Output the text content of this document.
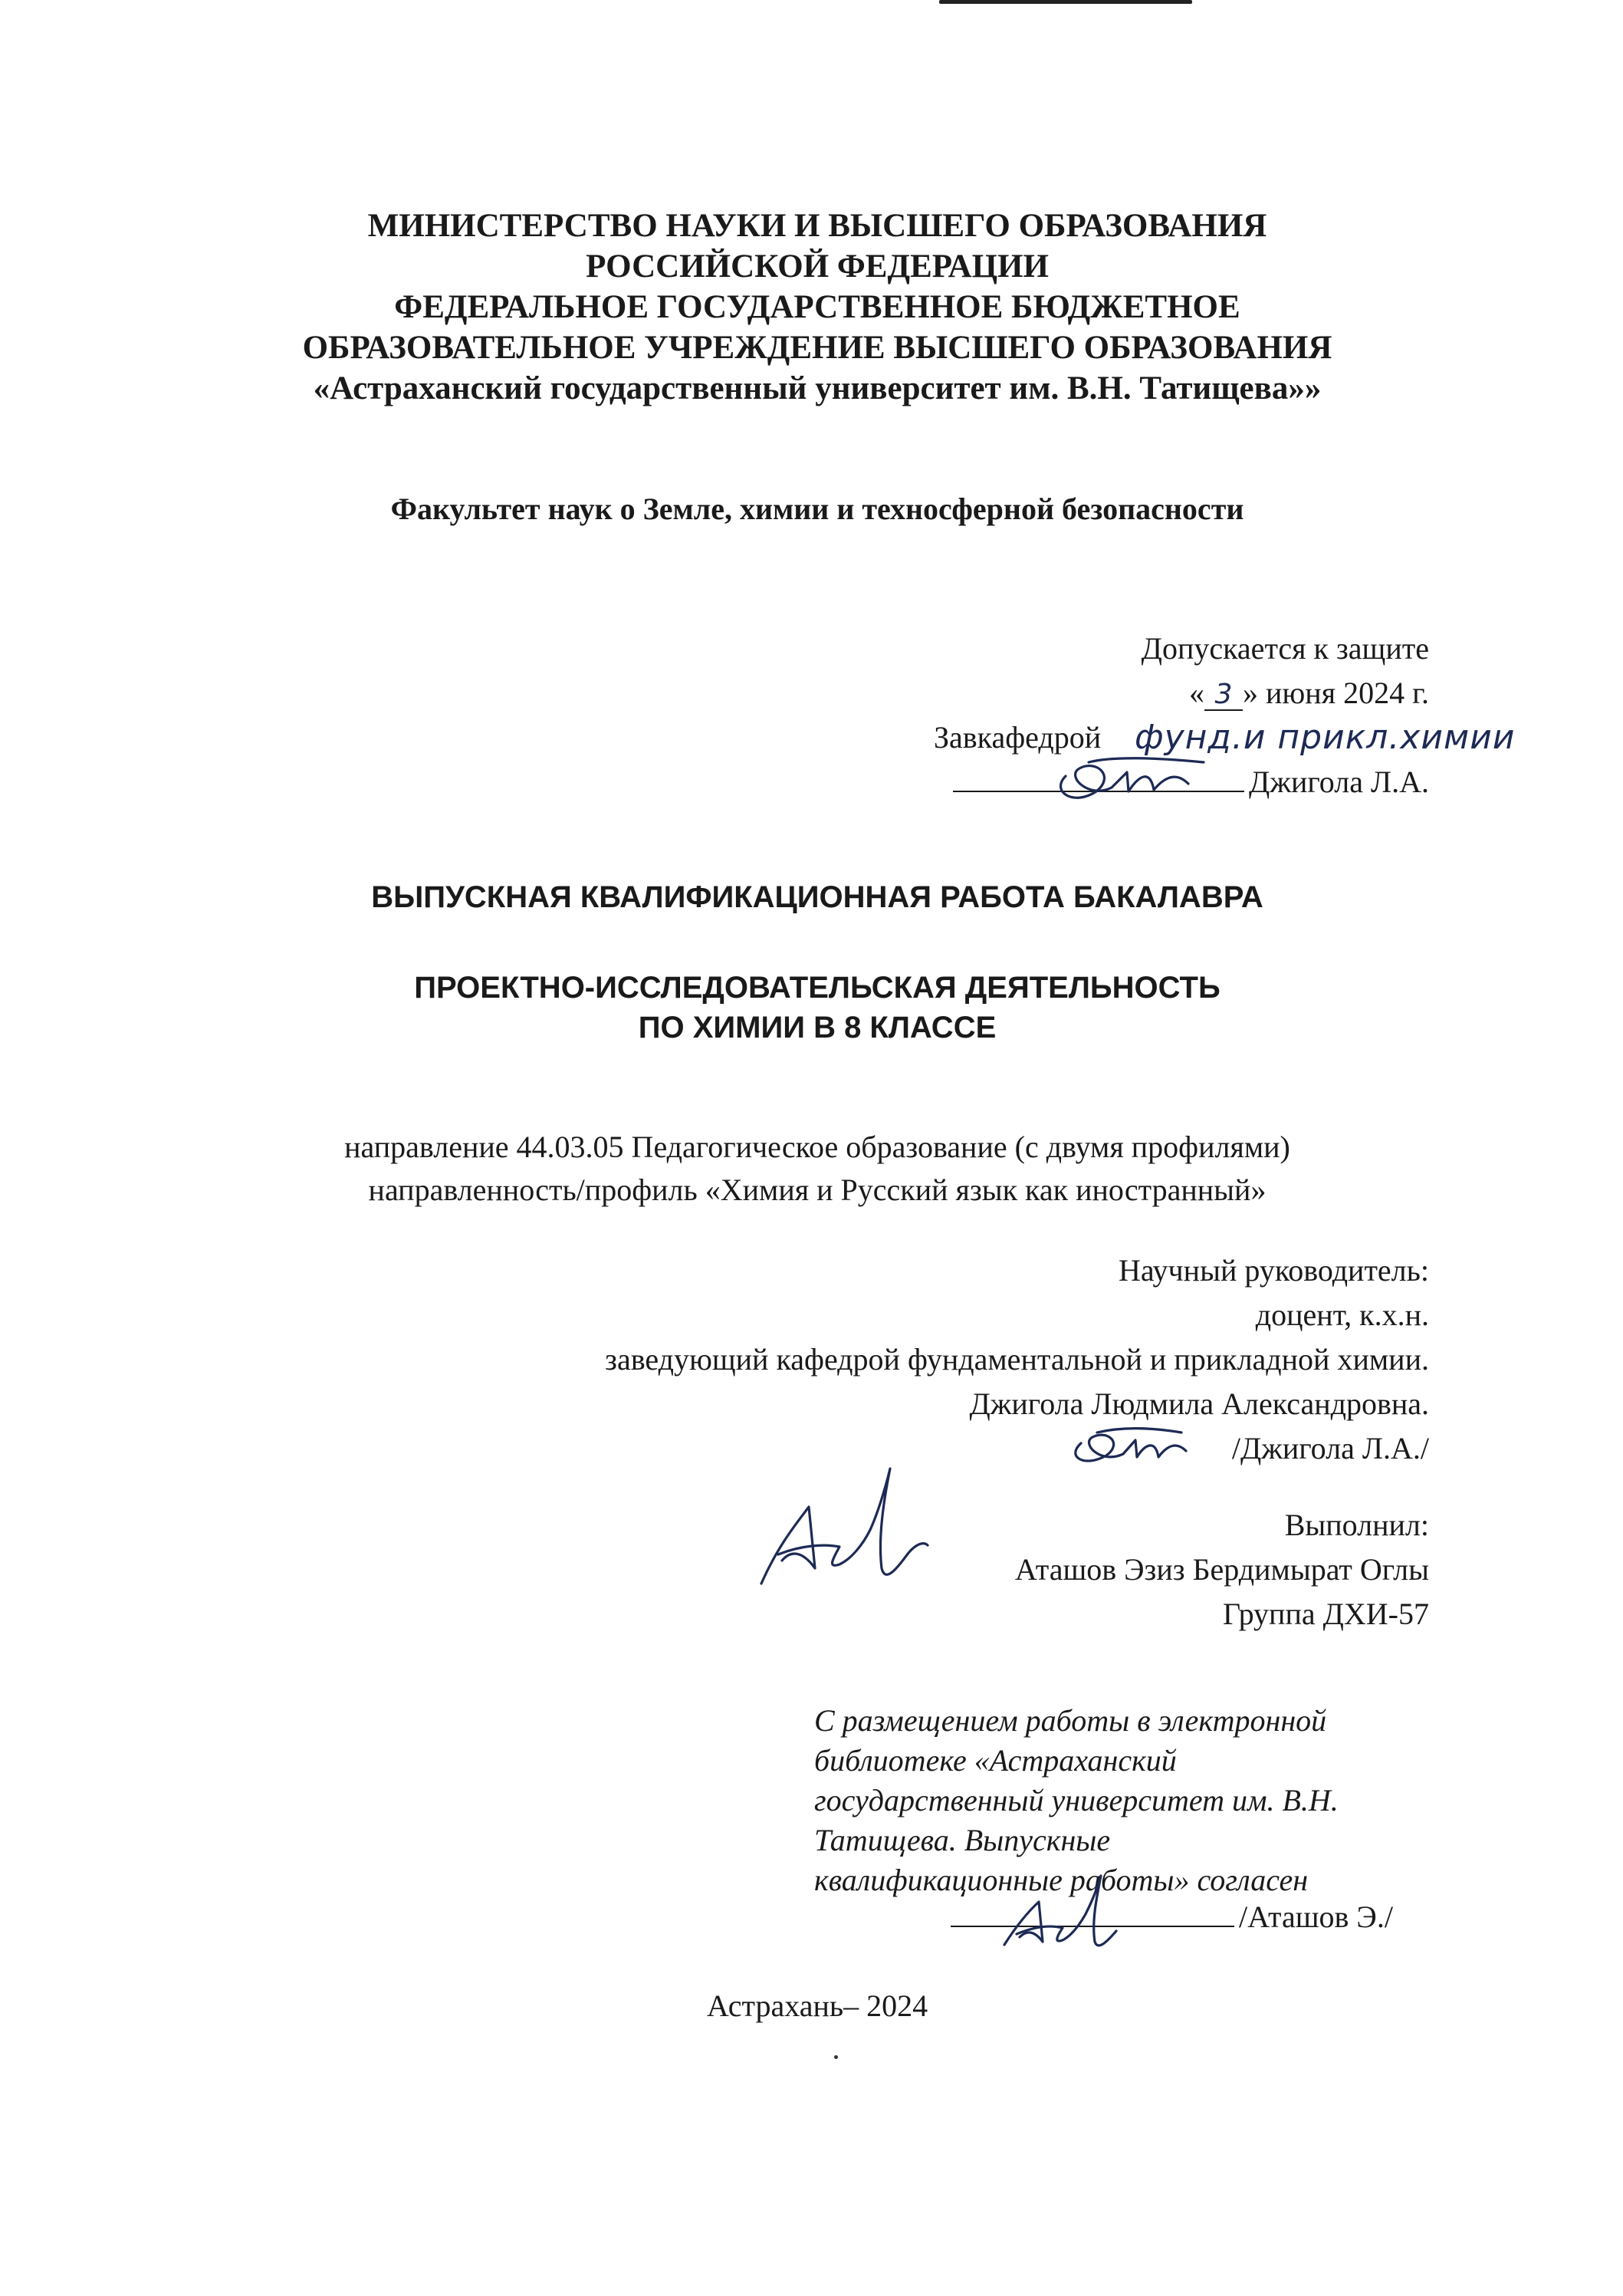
МИНИСТЕРСТВО НАУКИ И ВЫСШЕГО ОБРАЗОВАНИЯ
РОССИЙСКОЙ ФЕДЕРАЦИИ
ФЕДЕРАЛЬНОЕ ГОСУДАРСТВЕННОЕ БЮДЖЕТНОЕ
ОБРАЗОВАТЕЛЬНОЕ УЧРЕЖДЕНИЕ ВЫСШЕГО ОБРАЗОВАНИЯ
«Астраханский государственный университет им. В.Н. Татищева»»
Факультет наук о Земле, химии и техносферной безопасности
Допускается к защите
« 3 » июня 2024 г.
Завкафедрой
Джигола Л.А.
фунд.и прикл.химии
ВЫПУСКНАЯ КВАЛИФИКАЦИОННАЯ РАБОТА БАКАЛАВРА
ПРОЕКТНО-ИССЛЕДОВАТЕЛЬСКАЯ ДЕЯТЕЛЬНОСТЬ
ПО ХИМИИ В 8 КЛАССЕ
направление 44.03.05 Педагогическое образование (с двумя профилями)
направленность/профиль «Химия и Русский язык как иностранный»
Научный руководитель:
доцент, к.х.н.
заведующий кафедрой фундаментальной и прикладной химии.
Джигола Людмила Александровна.
/Джигола Л.А./
Выполнил:
Аташов Эзиз Бердимырат Оглы
Группа ДХИ-57
С размещением работы в электронной
библиотеке «Астраханский
государственный университет им. В.Н.
Татищева. Выпускные
квалификационные работы» согласен
/Аташов Э./
Астрахань– 2024
